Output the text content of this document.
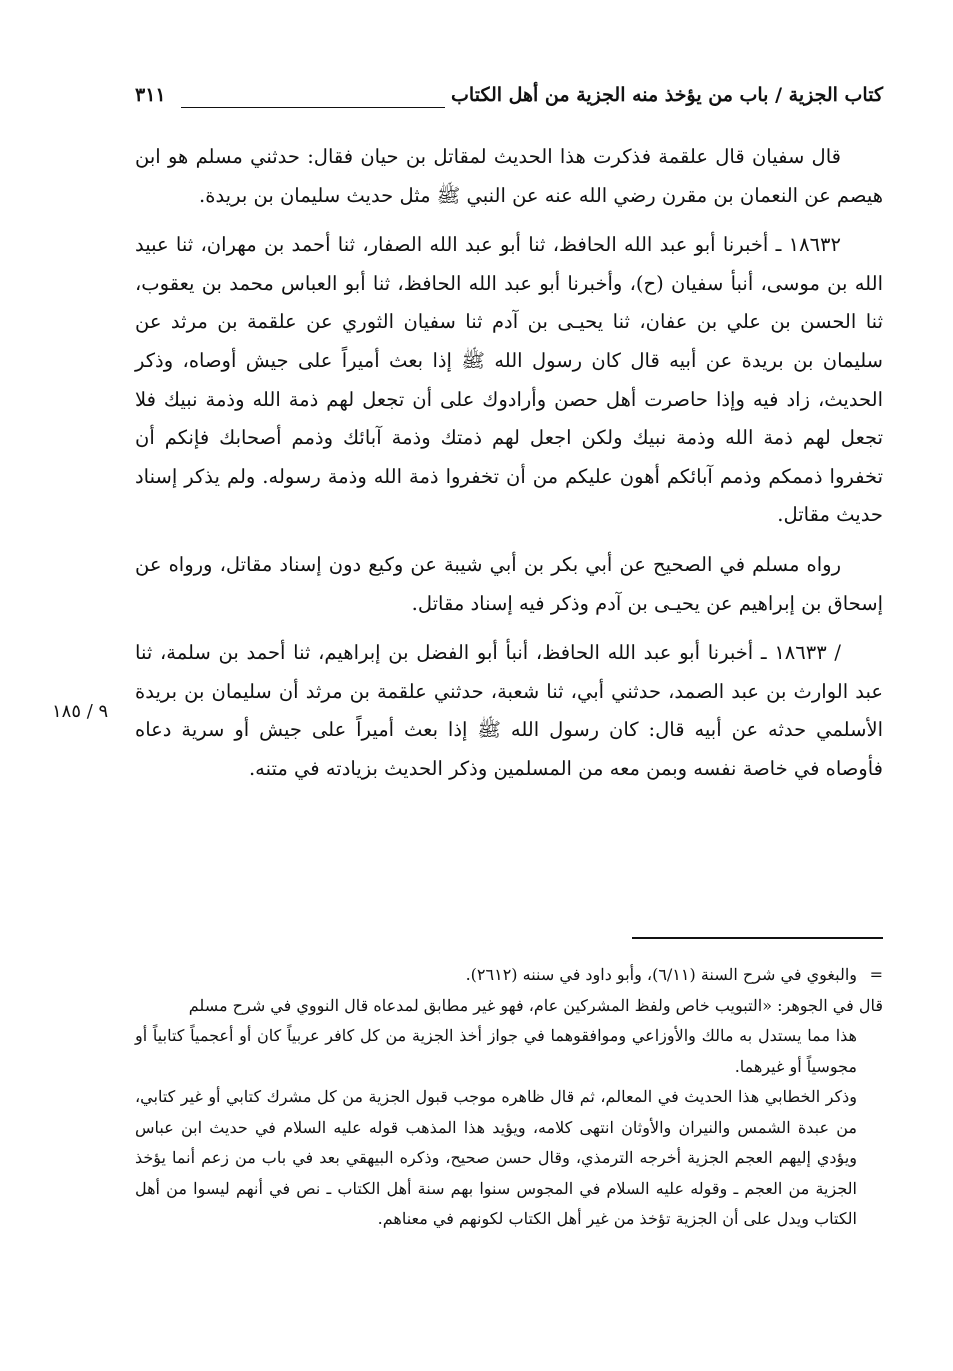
كتاب الجزية / باب من يؤخذ منه الجزية من أهل الكتاب
٣١١

قال سفيان قال علقمة فذكرت هذا الحديث لمقاتل بن حيان فقال: حدثني مسلم هو ابن هيصم عن النعمان بن مقرن رضي الله عنه عن النبي ﷺ مثل حديث سليمان بن بريدة.

١٨٦٣٢ ـ أخبرنا أبو عبد الله الحافظ، ثنا أبو عبد الله الصفار، ثنا أحمد بن مهران، ثنا عبيد الله بن موسى، أنبأ سفيان (ح)، وأخبرنا أبو عبد الله الحافظ، ثنا أبو العباس محمد بن يعقوب، ثنا الحسن بن علي بن عفان، ثنا يحيـى بن آدم ثنا سفيان الثوري عن علقمة بن مرثد عن سليمان بن بريدة عن أبيه قال كان رسول الله ﷺ إذا بعث أميراً على جيش أوصاه، وذكر الحديث، زاد فيه وإذا حاصرت أهل حصن وأرادوك على أن تجعل لهم ذمة الله وذمة نبيك فلا تجعل لهم ذمة الله وذمة نبيك ولكن اجعل لهم ذمتك وذمة آبائك وذمم أصحابك فإنكم أن تخفروا ذممكم وذمم آبائكم أهون عليكم من أن تخفروا ذمة الله وذمة رسوله. ولم يذكر إسناد حديث مقاتل.

رواه مسلم في الصحيح عن أبي بكر بن أبي شيبة عن وكيع دون إسناد مقاتل، ورواه عن إسحاق بن إبراهيم عن يحيـى بن آدم وذكر فيه إسناد مقاتل.

/ ١٨٦٣٣ ـ أخبرنا أبو عبد الله الحافظ، أنبأ أبو الفضل بن إبراهيم، ثنا أحمد بن سلمة، ثنا عبد الوارث بن عبد الصمد، حدثني أبي، ثنا شعبة، حدثني علقمة بن مرثد أن سليمان بن بريدة الأسلمي حدثه عن أبيه قال: كان رسول الله ﷺ إذا بعث أميراً على جيش أو سرية دعاه فأوصاه في خاصة نفسه وبمن معه من المسلمين وذكر الحديث بزيادته في متنه.

٩ / ١٨٥

=والبغوي في شرح السنة (٦/١١)، وأبو داود في سننه (٢٦١٢).

قال في الجوهر: «التبويب خاص ولفظ المشركين عام، فهو غير مطابق لمدعاه قال النووي في شرح مسلم

هذا مما يستدل به مالك والأوزاعي وموافقوهما في جواز أخذ الجزية من كل كافر عربياً كان أو أعجمياً كتابياً أو مجوسياً أو غيرهما.

وذكر الخطابي هذا الحديث في المعالم، ثم قال ظاهره موجب قبول الجزية من كل مشرك كتابي أو غير كتابي، من عبدة الشمس والنيران والأوثان انتهى كلامه، ويؤيد هذا المذهب قوله عليه السلام في حديث ابن عباس ويؤدي إليهم العجم الجزية أخرجه الترمذي، وقال حسن صحيح، وذكره البيهقي بعد في باب من زعم أنما يؤخذ الجزية من العجم ـ وقوله عليه السلام في المجوس سنوا بهم سنة أهل الكتاب ـ نص في أنهم ليسوا من أهل الكتاب ويدل على أن الجزية تؤخذ من غير أهل الكتاب لكونهم في معناهم.
